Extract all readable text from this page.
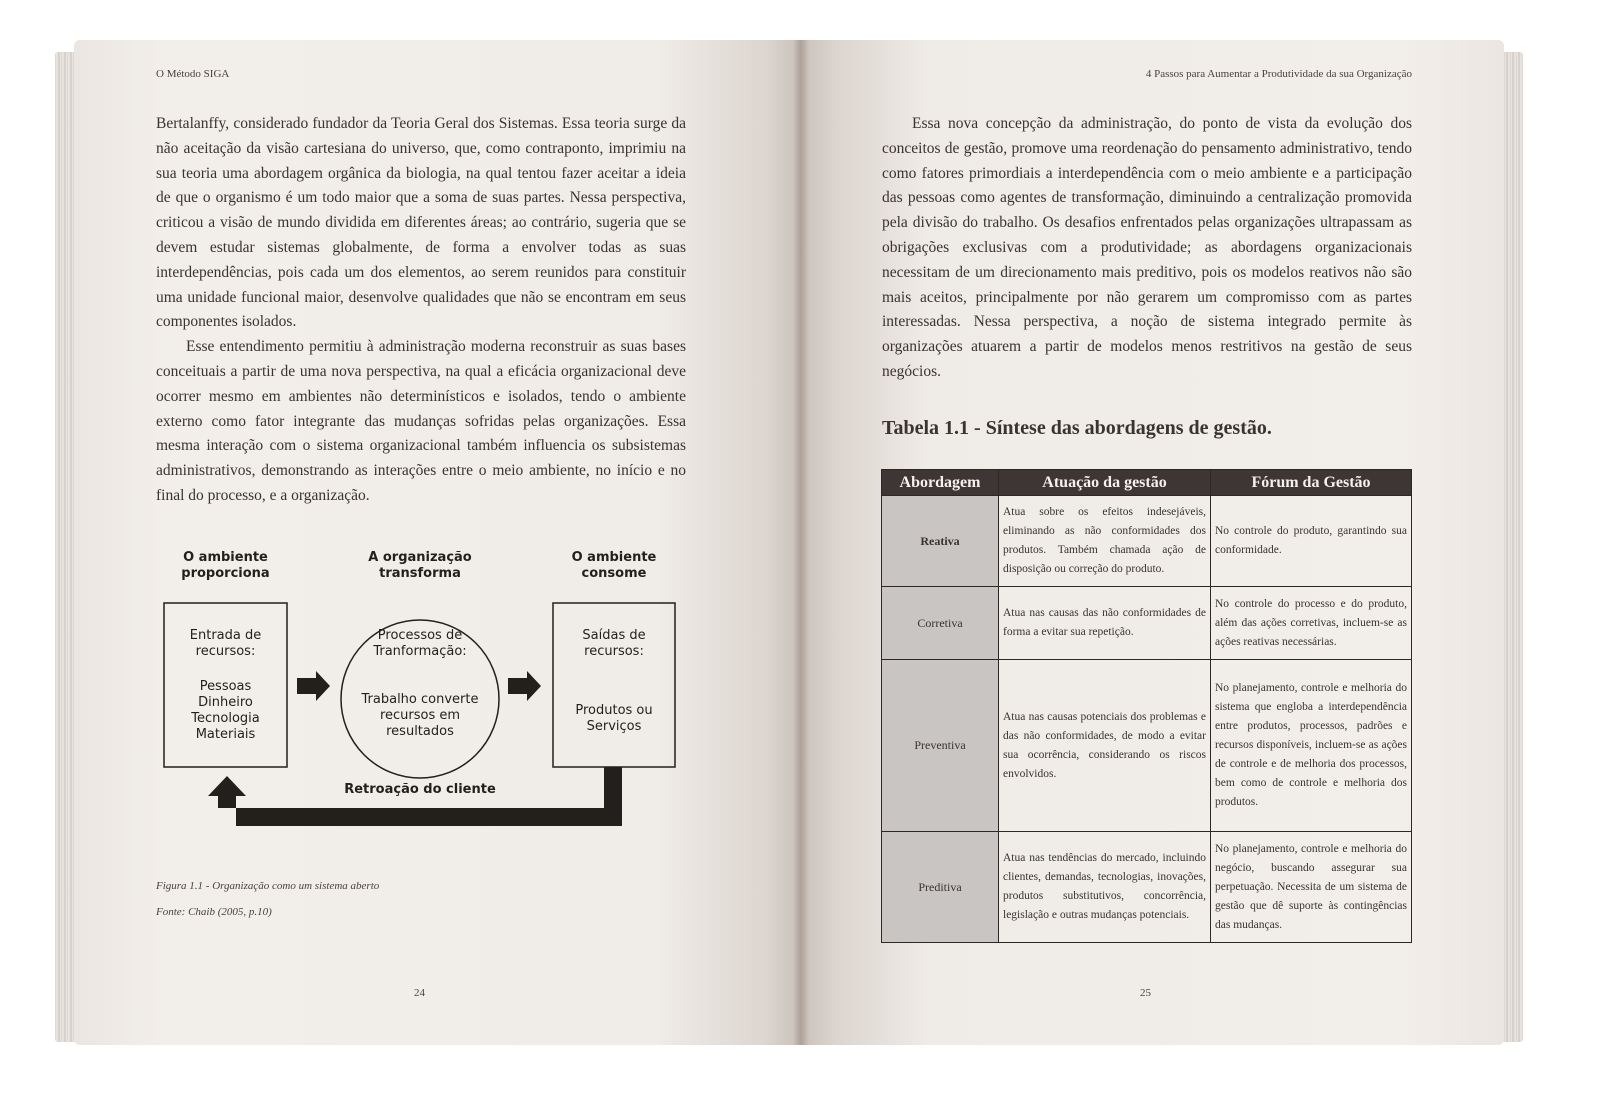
O Método SIGA	4 Passos para Aumentar a Produtividade da sua Organização

Bertalanffy, considerado fundador da Teoria Geral dos Sistemas. Essa teoria surge da não aceitação da visão cartesiana do universo, que, como contraponto, imprimiu na sua teoria uma abordagem orgânica da biologia, na qual tentou fazer aceitar a ideia de que o organismo é um todo maior que a soma de suas partes. Nessa perspectiva, criticou a visão de mundo dividida em diferentes áreas; ao contrário, sugeria que se devem estudar sistemas globalmente, de forma a envolver todas as suas interdependências, pois cada um dos elementos, ao serem reunidos para constituir uma unidade funcional maior, desenvolve qualidades que não se encontram em seus componentes isolados.

Esse entendimento permitiu à administração moderna reconstruir as suas bases conceituais a partir de uma nova perspectiva, na qual a eficácia organizacional deve ocorrer mesmo em ambientes não determinísticos e isolados, tendo o ambiente externo como fator integrante das mudanças sofridas pelas organizações. Essa mesma interação com o sistema organizacional também influencia os subsistemas administrativos, demonstrando as interações entre o meio ambiente, no início e no final do processo, e a organização.

O ambiente
proporciona
A organização
transforma
O ambiente
consome
Entrada de
recursos:
Pessoas
Dinheiro
Tecnologia
Materiais
Processos de
Tranformação:
Trabalho converte
recursos em
resultados
Saídas de
recursos:
Produtos ou
Serviços
Retroação do cliente
Figura 1.1 - Organização como um sistema aberto
Fonte: Chaib (2005, p.10)
24	25

Essa nova concepção da administração, do ponto de vista da evolução dos conceitos de gestão, promove uma reordenação do pensamento administrativo, tendo como fatores primordiais a interdependência com o meio ambiente e a participação das pessoas como agentes de transformação, diminuindo a centralização promovida pela divisão do trabalho. Os desafios enfrentados pelas organizações ultrapassam as obrigações exclusivas com a produtividade; as abordagens organizacionais necessitam de um direcionamento mais preditivo, pois os modelos reativos não são mais aceitos, principalmente por não gerarem um compromisso com as partes interessadas. Nessa perspectiva, a noção de sistema integrado permite às organizações atuarem a partir de modelos menos restritivos na gestão de seus negócios.

Tabela 1.1 - Síntese das abordagens de gestão.
Abordagem	Atuação da gestão	Fórum da Gestão
Reativa	Atua sobre os efeitos indesejáveis, eliminando as não conformidades dos produtos. Também chamada ação de disposição ou correção do produto.	No controle do produto, garantindo sua conformidade.
Corretiva	Atua nas causas das não conformidades de forma a evitar sua repetição.	No controle do processo e do produto, além das ações corretivas, incluem-se as ações reativas necessárias.
Preventiva	Atua nas causas potenciais dos problemas e das não conformidades, de modo a evitar sua ocorrência, considerando os riscos envolvidos.	No planejamento, controle e melhoria do sistema que engloba a interdependência entre produtos, processos, padrões e recursos disponíveis, incluem-se as ações de controle e de melhoria dos processos, bem como de controle e melhoria dos produtos.
Preditiva	Atua nas tendências do mercado, incluindo clientes, demandas, tecnologias, inovações, produtos substitutivos, concorrência, legislação e outras mudanças potenciais.	No planejamento, controle e melhoria do negócio, buscando assegurar sua perpetuação. Necessita de um sistema de gestão que dê suporte às contingências das mudanças.
